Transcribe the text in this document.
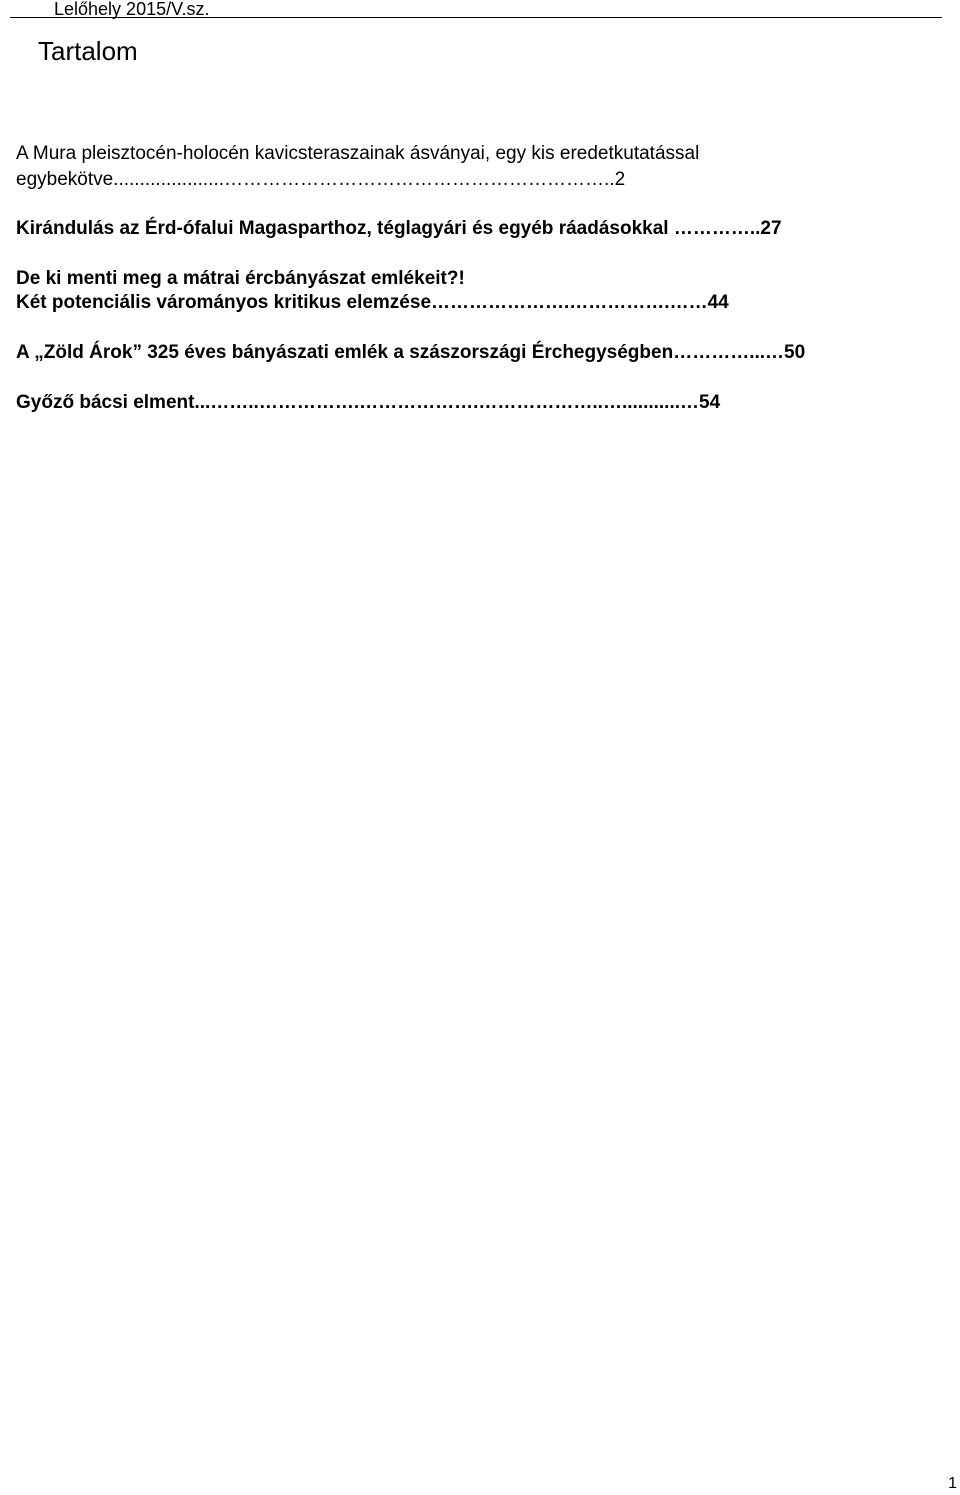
Lelőhely 2015/V.sz.
Tartalom
A Mura pleisztocén-holocén kavicsteraszainak ásványai, egy kis eredetkutatással
egybekötve.....................……………………………………………………..2
Kirándulás az Érd-ófalui Magasparthoz, téglagyári és egyéb ráadásokkal …………..27
De ki menti meg a mátrai ércbányászat emlékeit?!
Két potenciális várományos kritikus elemzése………………….…………….……44
A „Zöld Árok” 325 éves bányászati emlék a szászországi Érchegységben…………...…50
Győző bácsi elment...……..…………….……………….………………..…...........…54
1
